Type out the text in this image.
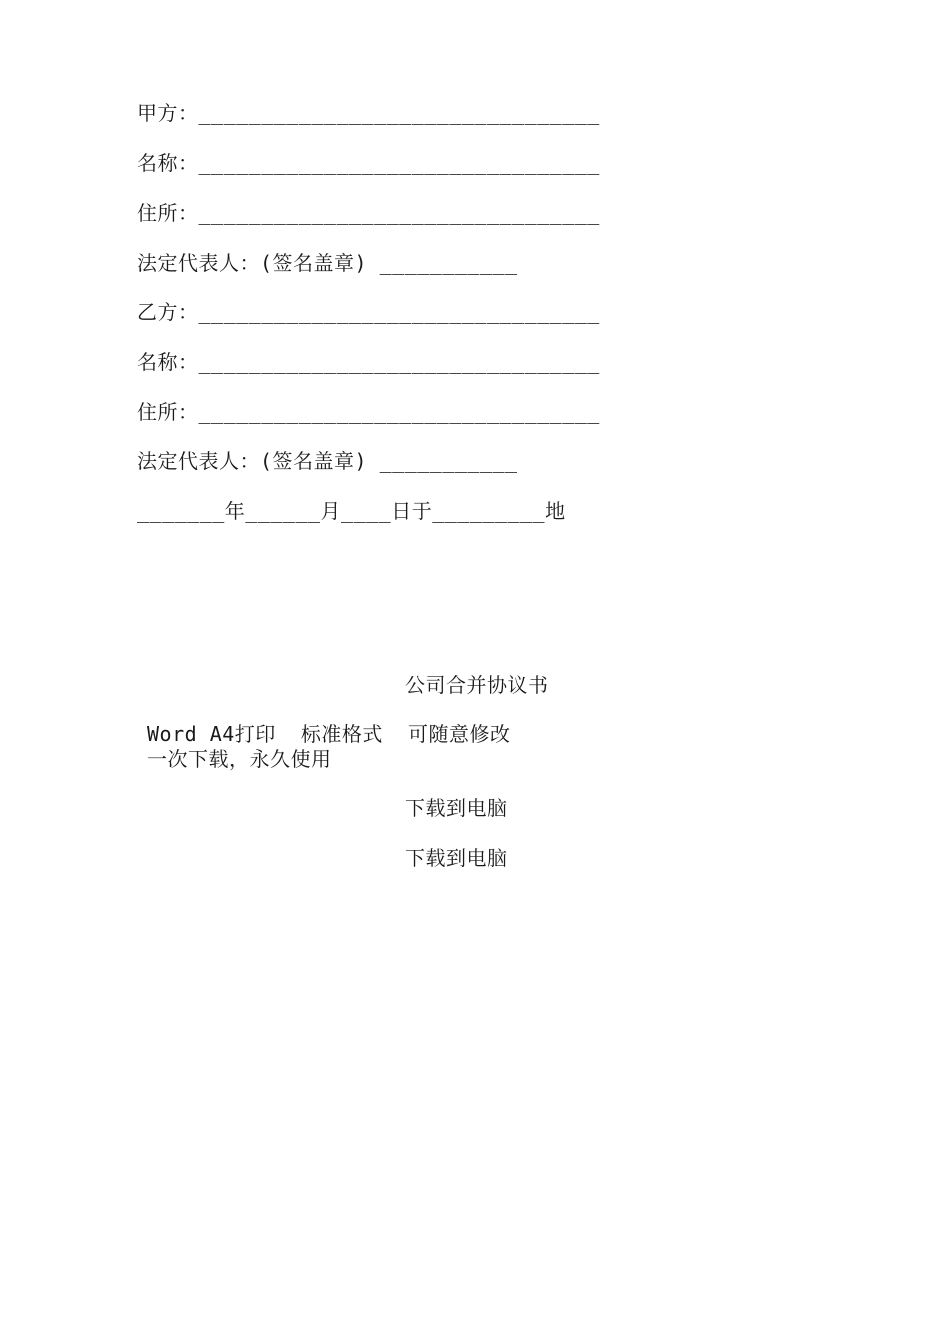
甲方：________________________________
名称：________________________________
住所：________________________________
法定代表人：(签名盖章) ___________
乙方：________________________________
名称：________________________________
住所：________________________________
法定代表人：(签名盖章) ___________
_______年______月____日于_________地
公司合并协议书
Word A4打印  标准格式  可随意修改
一次下载，永久使用
下载到电脑
下载到电脑
